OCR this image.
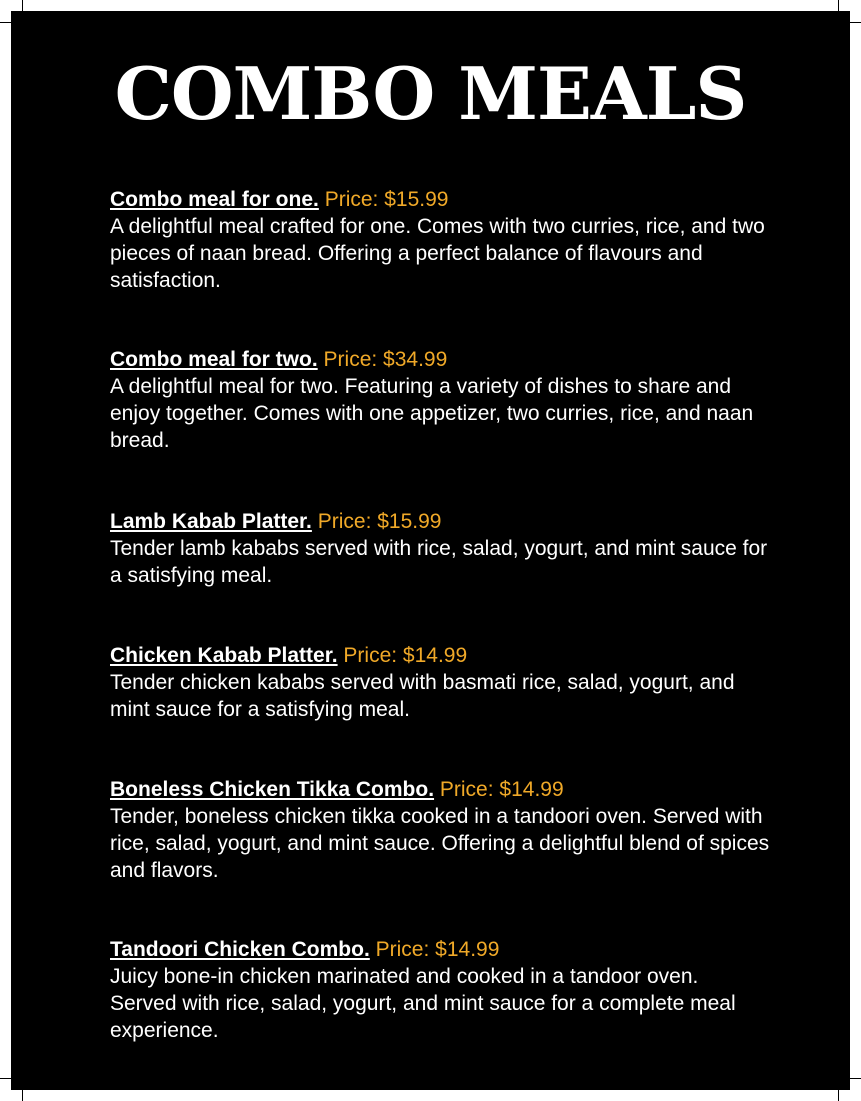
COMBO MEALS
Combo meal for one. Price: $15.99

A delightful meal crafted for one. Comes with two curries, rice, and two pieces of naan bread. Offering a perfect balance of flavours and satisfaction.

Combo meal for two. Price: $34.99

A delightful meal for two. Featuring a variety of dishes to share and enjoy together. Comes with one appetizer, two curries, rice, and naan bread.

Lamb Kabab Platter. Price: $15.99

Tender lamb kababs served with rice, salad, yogurt, and mint sauce for a satisfying meal.

Chicken Kabab Platter. Price: $14.99

Tender chicken kababs served with basmati rice, salad, yogurt, and mint sauce for a satisfying meal.

Boneless Chicken Tikka Combo. Price: $14.99

Tender, boneless chicken tikka cooked in a tandoori oven. Served with rice, salad, yogurt, and mint sauce. Offering a delightful blend of spices and flavors.

Tandoori Chicken Combo. Price: $14.99

Juicy bone-in chicken marinated and cooked in a tandoor oven. Served with rice, salad, yogurt, and mint sauce for a complete meal experience.
